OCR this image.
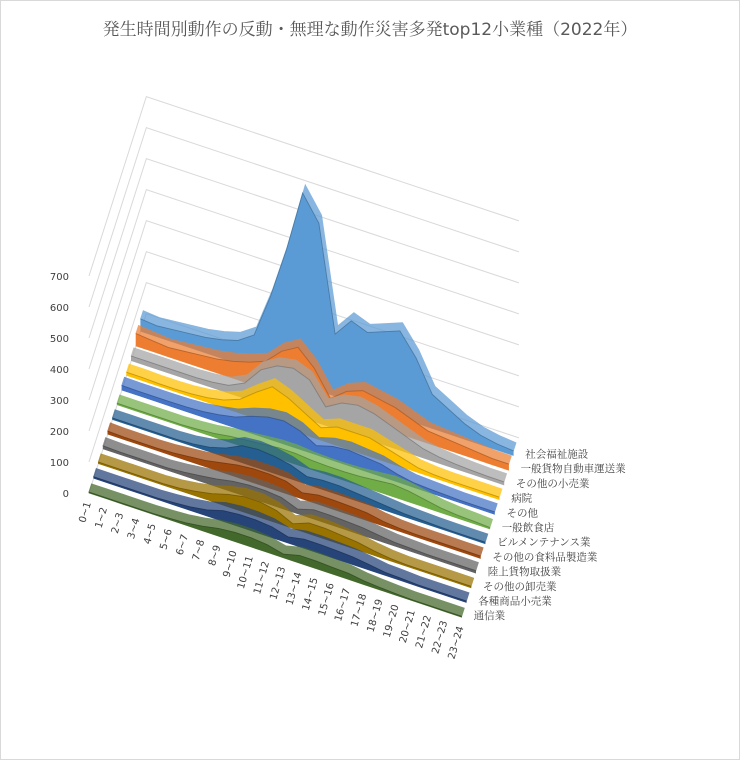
発生時間別動作の反動・無理な動作災害多発top12小業種（2022年）
0
100
200
300
400
500
600
700
社会福祉施設
一般貨物自動車運送業
その他の小売業
病院
その他
一般飲食店
ビルメンテナンス業
その他の食料品製造業
陸上貨物取扱業
その他の卸売業
各種商品小売業
通信業
0~1 1~2 2~3 3~4 4~5 5~6 6~7 7~8 8~9
9~10
10~11
11~12
12~13
13~14
14~15
15~16
16~17
17~18
18~19
19~20
20~21
21~22
22~23
23~24
